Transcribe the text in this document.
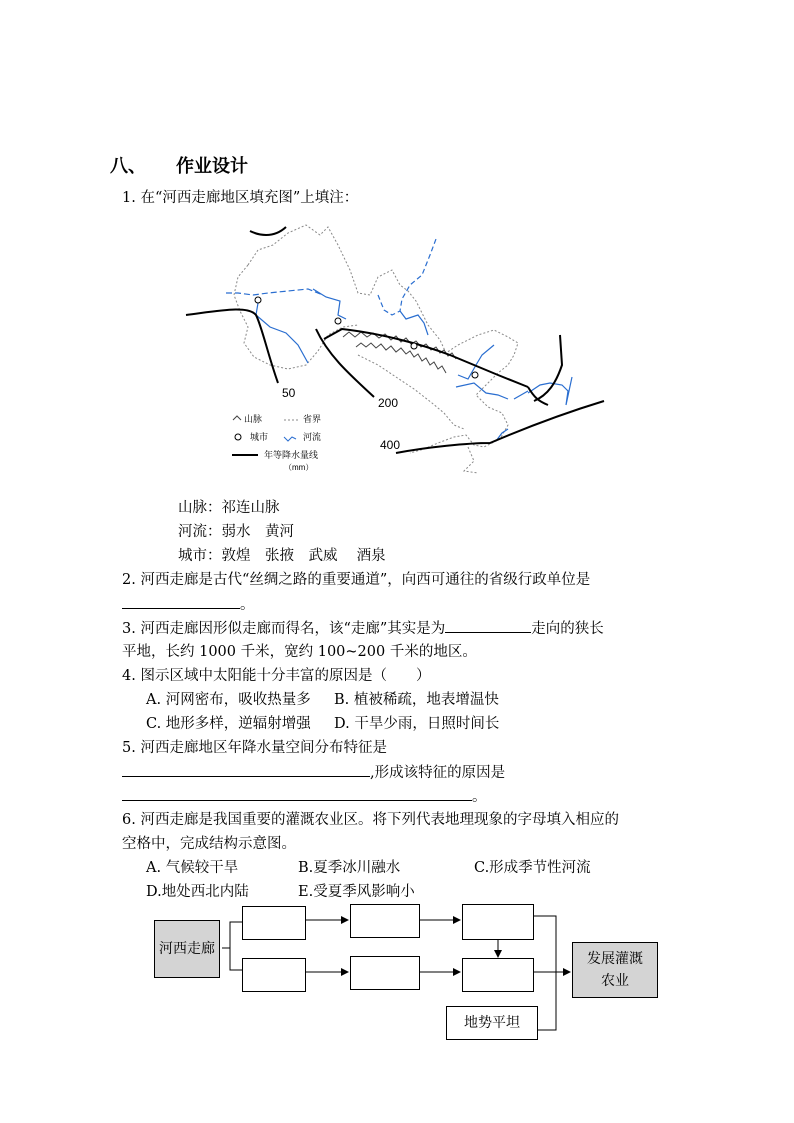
八、 作业设计
1. 在“河西走廊地区填充图”上填注：
50
200
400
山脉	省界
城市	河流
年等降水量线
（mm）
山脉：祁连山脉
河流：弱水　黄河
城市：敦煌　张掖　武威　 酒泉
2. 河西走廊是古代“丝绸之路的重要通道”，向西可通往的省级行政单位是
。
3. 河西走廊因形似走廊而得名，该“走廊”其实是为	走向的狭长
平地，长约 1000 千米，宽约 100~200 千米的地区。
4. 图示区域中太阳能十分丰富的原因是（　　）
A. 河网密布，吸收热量多 B. 植被稀疏，地表增温快
C. 地形多样，逆辐射增强 D. 干旱少雨，日照时间长
5. 河西走廊地区年降水量空间分布特征是
,形成该特征的原因是
。
6. 河西走廊是我国重要的灌溉农业区。将下列代表地理现象的字母填入相应的
空格中，完成结构示意图。
A. 气候较干旱	B.夏季冰川融水	C.形成季节性河流
D.地处西北内陆	E.受夏季风影响小
河西走廊
地势平坦
发展灌溉农业
